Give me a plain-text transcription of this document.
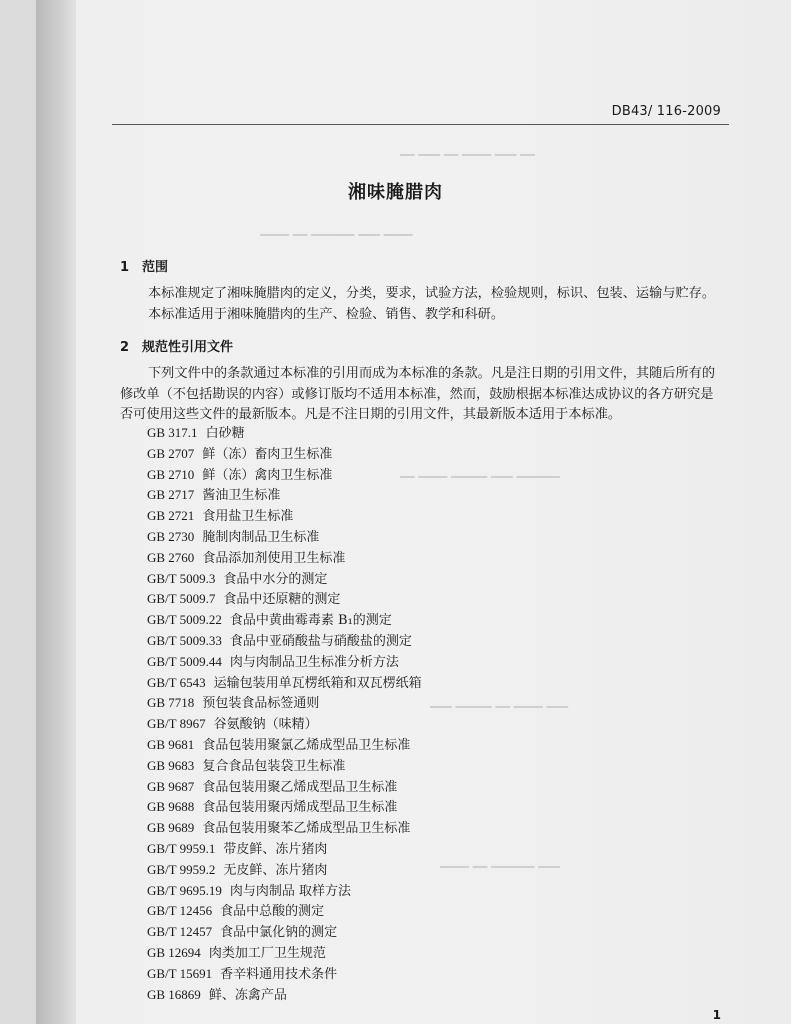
━━ ━━━ ━━ ━━━━ ━━━ ━━
━━━━ ━━ ━━━━━━ ━━━ ━━━━
━━ ━━━━ ━━━━━ ━━━ ━━━━━━
━━━ ━━━━━ ━━ ━━━━ ━━━
━━━━ ━━ ━━━━━━ ━━━
DB43/ 116-2009
湘味腌腊肉
1 范围
本标准规定了湘味腌腊肉的定义，分类，要求，试验方法，检验规则，标识、包装、运输与贮存。
本标准适用于湘味腌腊肉的生产、检验、销售、教学和科研。
2 规范性引用文件
下列文件中的条款通过本标准的引用而成为本标准的条款。凡是注日期的引用文件，其随后所有的
修改单（不包括勘误的内容）或修订版均不适用本标准，然而，鼓励根据本标准达成协议的各方研究是
否可使用这些文件的最新版本。凡是不注日期的引用文件，其最新版本适用于本标准。
GB 317.1 白砂糖
GB 2707 鲜（冻）畜肉卫生标准
GB 2710 鲜（冻）禽肉卫生标准
GB 2717 酱油卫生标准
GB 2721 食用盐卫生标准
GB 2730 腌制肉制品卫生标准
GB 2760 食品添加剂使用卫生标准
GB/T 5009.3 食品中水分的测定
GB/T 5009.7 食品中还原糖的测定
GB/T 5009.22 食品中黄曲霉毒素 B₁的测定
GB/T 5009.33 食品中亚硝酸盐与硝酸盐的测定
GB/T 5009.44 肉与肉制品卫生标准分析方法
GB/T 6543 运输包装用单瓦楞纸箱和双瓦楞纸箱
GB 7718 预包装食品标签通则
GB/T 8967 谷氨酸钠（味精）
GB 9681 食品包装用聚氯乙烯成型品卫生标准
GB 9683 复合食品包装袋卫生标准
GB 9687 食品包装用聚乙烯成型品卫生标准
GB 9688 食品包装用聚丙烯成型品卫生标准
GB 9689 食品包装用聚苯乙烯成型品卫生标准
GB/T 9959.1 带皮鲜、冻片猪肉
GB/T 9959.2 无皮鲜、冻片猪肉
GB/T 9695.19 肉与肉制品 取样方法
GB/T 12456 食品中总酸的测定
GB/T 12457 食品中氯化钠的测定
GB 12694 肉类加工厂卫生规范
GB/T 15691 香辛料通用技术条件
GB 16869 鲜、冻禽产品
1
